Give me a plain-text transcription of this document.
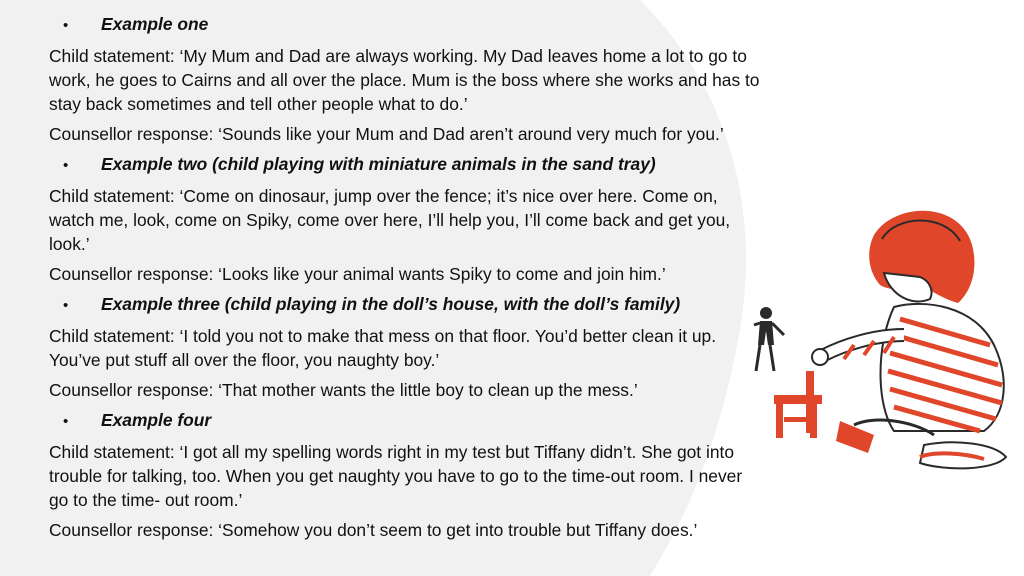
•	Example one

Child statement: ‘My Mum and Dad are always working. My Dad leaves home a lot to go to work, he goes to Cairns and all over the place. Mum is the boss where she works and has to stay back sometimes and tell other people what to do.’

Counsellor response: ‘Sounds like your Mum and Dad aren’t around very much for you.’

•	Example two (child playing with miniature animals in the sand tray)

Child statement: ‘Come on dinosaur, jump over the fence; it’s nice over here. Come on, watch me, look, come on Spiky, come over here, I’ll help you, I’ll come back and get you, look.’

Counsellor response: ‘Looks like your animal wants Spiky to come and join him.’

•	Example three (child playing in the doll’s house, with the doll’s family)

Child statement: ‘I told you not to make that mess on that floor. You’d better clean it up. You’ve put stuff all over the floor, you naughty boy.’

Counsellor response: ‘That mother wants the little boy to clean up the mess.’

•	Example four

Child statement: ‘I got all my spelling words right in my test but Tiffany didn’t. She got into trouble for talking, too. When you get naughty you have to go to the time-out room. I never go to the time- out room.’

Counsellor response: ‘Somehow you don’t seem to get into trouble but Tiffany does.’
